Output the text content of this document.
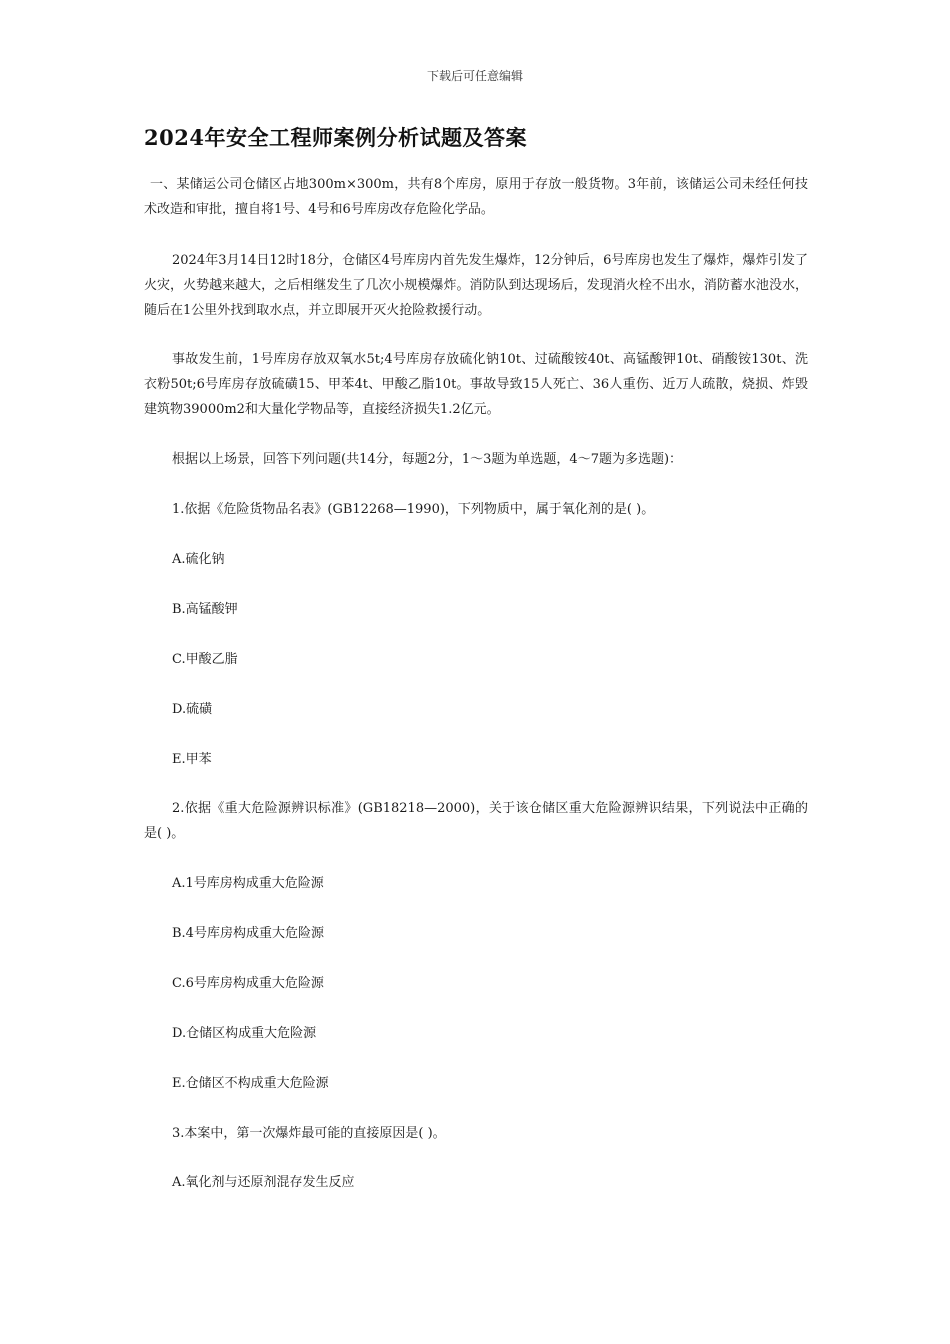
下载后可任意编辑
2024年安全工程师案例分析试题及答案

一、某储运公司仓储区占地300m×300m，共有8个库房，原用于存放一般货物。3年前，该储运公司未经任何技术改造和审批，擅自将1号、4号和6号库房改存危险化学品。

2024年3月14日12时18分，仓储区4号库房内首先发生爆炸，12分钟后，6号库房也发生了爆炸，爆炸引发了火灾，火势越来越大，之后相继发生了几次小规模爆炸。消防队到达现场后，发现消火栓不出水，消防蓄水池没水，随后在1公里外找到取水点，并立即展开灭火抢险救援行动。

事故发生前，1号库房存放双氧水5t;4号库房存放硫化钠10t、过硫酸铵40t、高锰酸钾10t、硝酸铵130t、洗衣粉50t;6号库房存放硫磺15、甲苯4t、甲酸乙脂10t。事故导致15人死亡、36人重伤、近万人疏散，烧损、炸毁建筑物39000m2和大量化学物品等，直接经济损失1.2亿元。

根据以上场景，回答下列问题(共14分，每题2分，1～3题为单选题，4～7题为多选题)：

1.依据《危险货物品名表》(GB12268—1990)，下列物质中，属于氧化剂的是( )。

A.硫化钠
B.高锰酸钾
C.甲酸乙脂
D.硫磺
E.甲苯

2.依据《重大危险源辨识标准》(GB18218—2000)，关于该仓储区重大危险源辨识结果，下列说法中正确的是( )。

A.1号库房构成重大危险源
B.4号库房构成重大危险源
C.6号库房构成重大危险源
D.仓储区构成重大危险源
E.仓储区不构成重大危险源

3.本案中，第一次爆炸最可能的直接原因是( )。

A.氧化剂与还原剂混存发生反应
